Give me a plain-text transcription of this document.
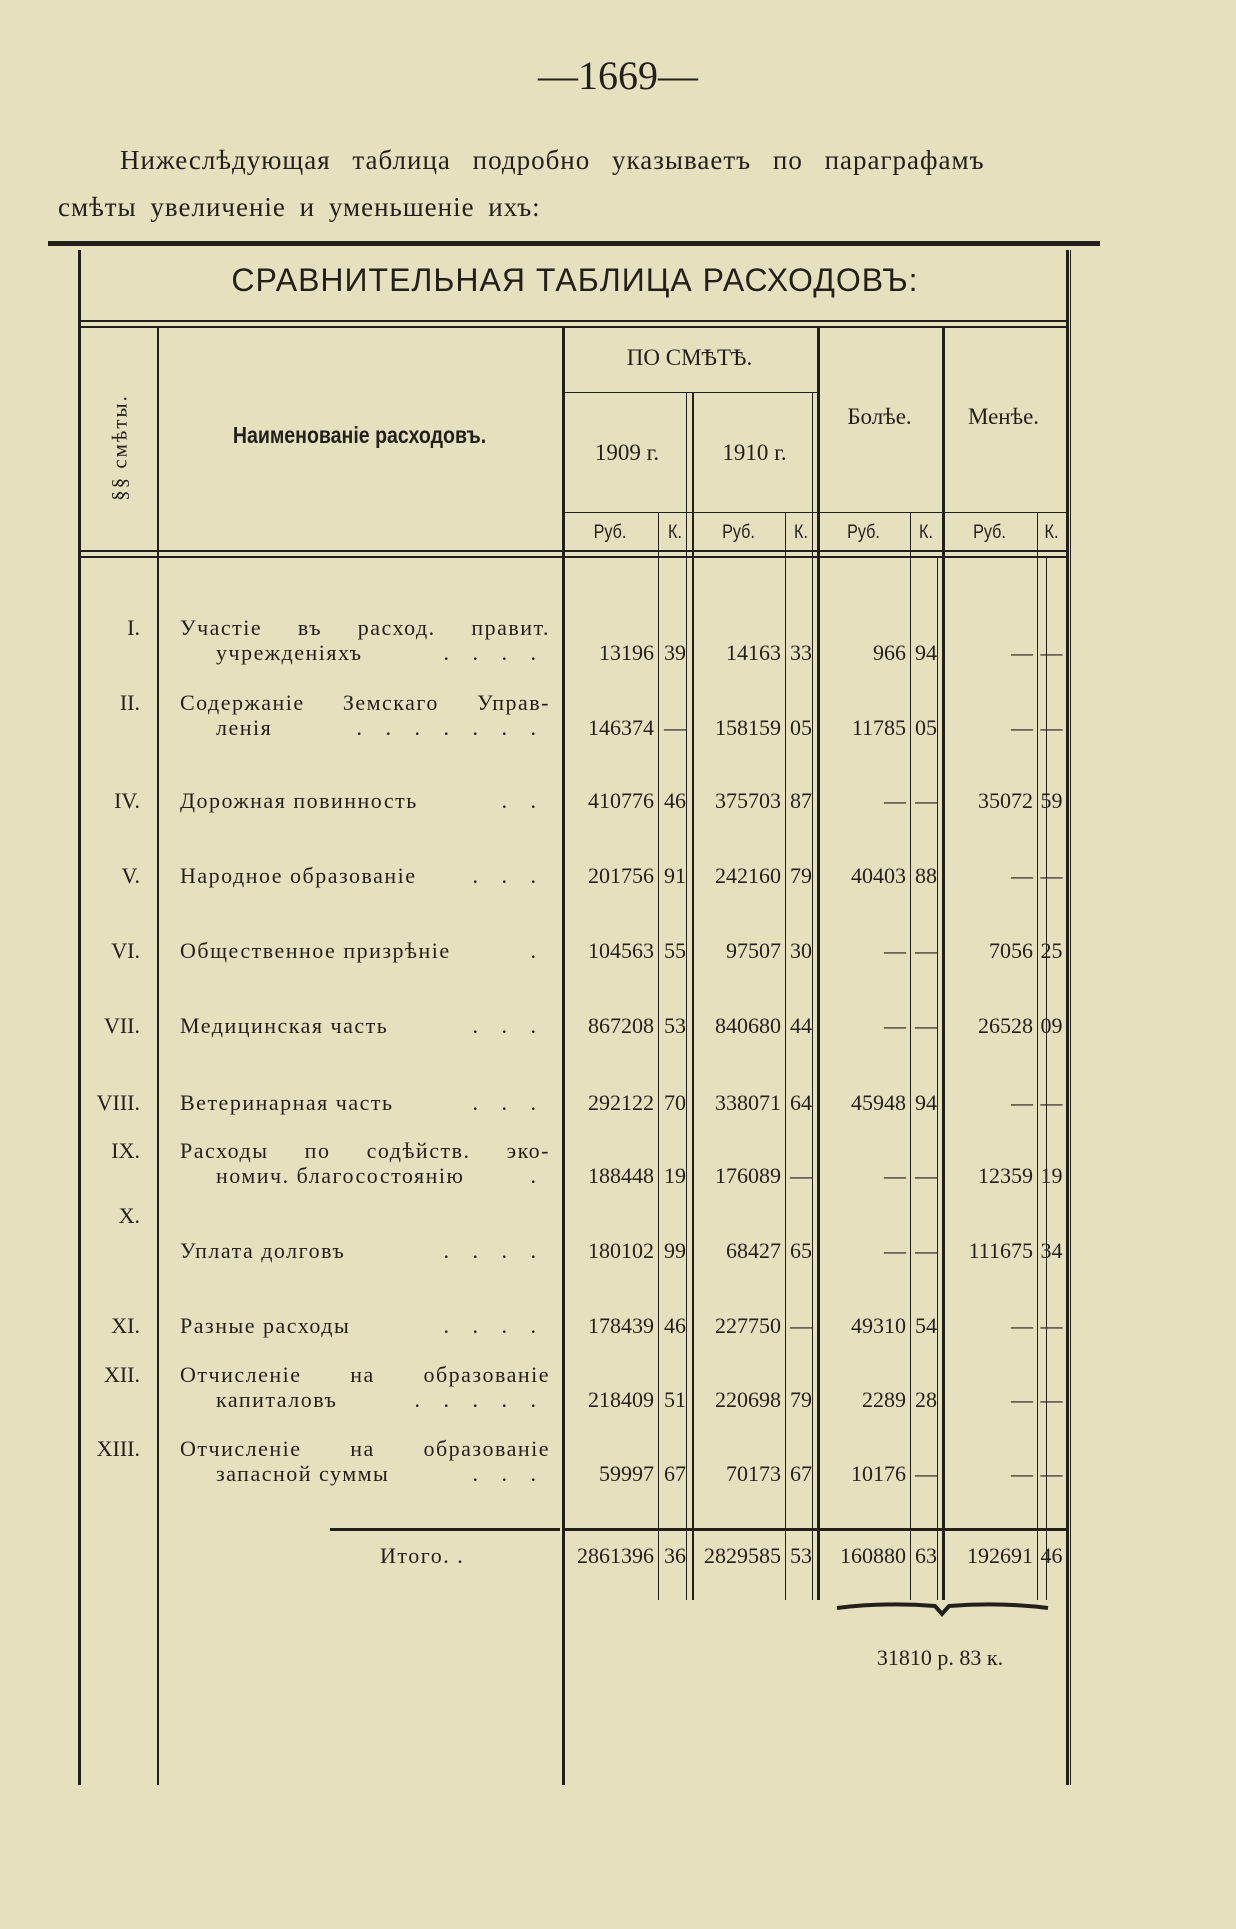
—1669—
Нижеслѣдующая таблица подробно указываетъ по параграфамъ
смѣты увеличеніе и уменьшеніе ихъ:
СРАВНИТЕЛЬНАЯ ТАБЛИЦА РАСХОДОВЪ:
ПО СМѢТѢ.
1909 г.	1910 г.
Болѣе.	Менѣе.
Наименованіе расходовъ.
§§ смѣты.
Руб.	К.	Руб.	К.	Руб.	К.	Руб.	К.
I. Участіе въ расход. правит.
учрежденіяхъ	. . . .	13196 39	14163 33	966 94	— —
II. Содержаніе Земскаго Управ-
ленія	. . . . . . .	146374 —	158159 05	11785 05	— —
IV. Дорожная повинность	. .	410776 46	375703 87	— —	35072 59
V. Народное образованіе	. . .	201756 91	242160 79	40403 88	— —
VI. Общественное призрѣніе	.	104563 55	97507 30	— —	7056 25
VII. Медицинская часть	. . .	867208 53	840680 44	— —	26528 09
VIII. Ветеринарная часть	. . .	292122 70	338071 64	45948 94	— —
IX. Расходы по содѣйств. эко-
номич. благосостоянію	.	188448 19	176089 —	— —	12359 19
X.
Уплата долговъ	. . . .	180102 99	68427 65	— —	111675 34
XI. Разные расходы	. . . .	178439 46	227750 —	49310 54	— —
XII. Отчисленіе на образованіе
капиталовъ	. . . . .	218409 51	220698 79	2289 28	— —
XIII. Отчисленіе на образованіе
запасной суммы	. . .	59997 67	70173 67	10176 —	— —
Итого. .	2861396 36 2829585 53	160880 63	192691 46
31810 р. 83 к.
